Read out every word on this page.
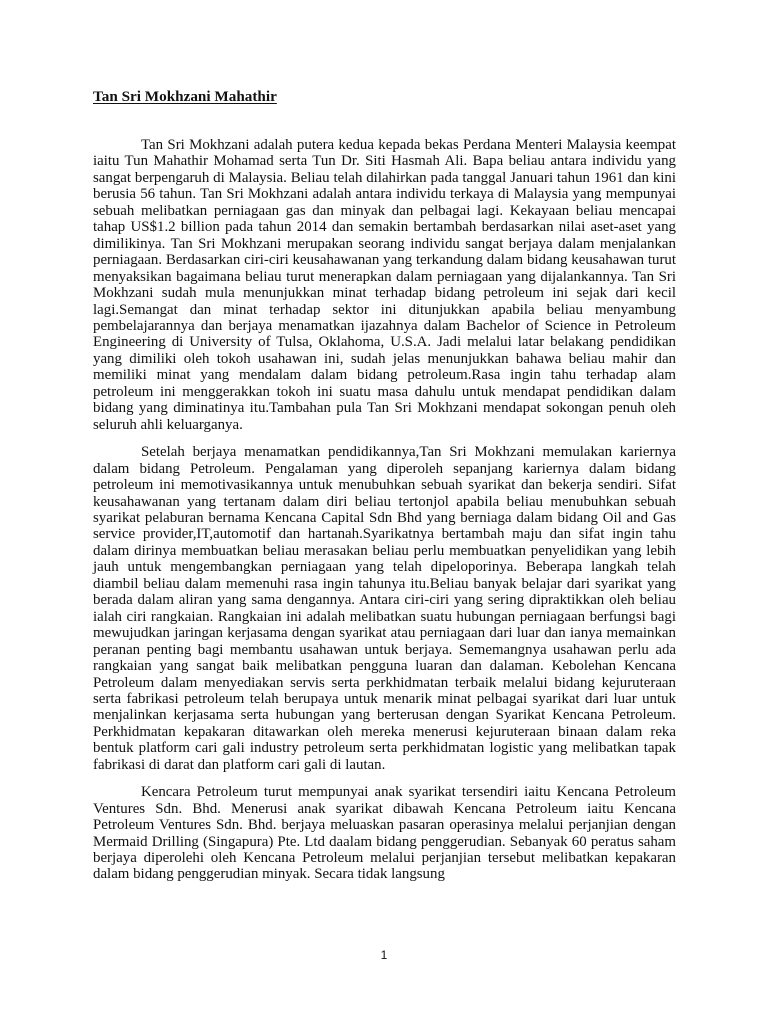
Tan Sri Mokhzani Mahathir

Tan Sri Mokhzani adalah putera kedua kepada bekas Perdana Menteri Malaysia keempat iaitu Tun Mahathir Mohamad serta Tun Dr. Siti Hasmah Ali. Bapa beliau antara individu yang sangat berpengaruh di Malaysia. Beliau telah dilahirkan pada tanggal Januari tahun 1961 dan kini berusia 56 tahun. Tan Sri Mokhzani adalah antara individu terkaya di Malaysia yang mempunyai sebuah melibatkan perniagaan gas dan minyak dan pelbagai lagi. Kekayaan beliau mencapai tahap US$1.2 billion pada tahun 2014 dan semakin bertambah berdasarkan nilai aset-aset yang dimilikinya. Tan Sri Mokhzani merupakan seorang individu sangat berjaya dalam menjalankan perniagaan. Berdasarkan ciri-ciri keusahawanan yang terkandung dalam bidang keusahawan turut menyaksikan bagaimana beliau turut menerapkan dalam perniagaan yang dijalankannya. Tan Sri Mokhzani sudah mula menunjukkan minat terhadap bidang petroleum ini sejak dari kecil lagi.Semangat dan minat terhadap sektor ini ditunjukkan apabila beliau menyambung pembelajarannya dan berjaya menamatkan ijazahnya dalam Bachelor of Science in Petroleum Engineering di University of Tulsa, Oklahoma, U.S.A. Jadi melalui latar belakang pendidikan yang dimiliki oleh tokoh usahawan ini, sudah jelas menunjukkan bahawa beliau mahir dan memiliki minat yang mendalam dalam bidang petroleum.Rasa ingin tahu terhadap alam petroleum ini menggerakkan tokoh ini suatu masa dahulu untuk mendapat pendidikan dalam bidang yang diminatinya itu.Tambahan pula Tan Sri Mokhzani mendapat sokongan penuh oleh seluruh ahli keluarganya.

Setelah berjaya menamatkan pendidikannya,Tan Sri Mokhzani memulakan kariernya dalam bidang Petroleum. Pengalaman yang diperoleh sepanjang kariernya dalam bidang petroleum ini memotivasikannya untuk menubuhkan sebuah syarikat dan bekerja sendiri. Sifat keusahawanan yang tertanam dalam diri beliau tertonjol apabila beliau menubuhkan sebuah syarikat pelaburan bernama Kencana Capital Sdn Bhd yang berniaga dalam bidang Oil and Gas service provider,IT,automotif dan hartanah.Syarikatnya bertambah maju dan sifat ingin tahu dalam dirinya membuatkan beliau merasakan beliau perlu membuatkan penyelidikan yang lebih jauh untuk mengembangkan perniagaan yang telah dipeloporinya. Beberapa langkah telah diambil beliau dalam memenuhi rasa ingin tahunya itu.Beliau banyak belajar dari syarikat yang berada dalam aliran yang sama dengannya. Antara ciri-ciri yang sering dipraktikkan oleh beliau ialah ciri rangkaian. Rangkaian ini adalah melibatkan suatu hubungan perniagaan berfungsi bagi mewujudkan jaringan kerjasama dengan syarikat atau perniagaan dari luar dan ianya memainkan peranan penting bagi membantu usahawan untuk berjaya. Sememangnya usahawan perlu ada rangkaian yang sangat baik melibatkan pengguna luaran dan dalaman. Kebolehan Kencana Petroleum dalam menyediakan servis serta perkhidmatan terbaik melalui bidang kejuruteraan serta fabrikasi petroleum telah berupaya untuk menarik minat pelbagai syarikat dari luar untuk menjalinkan kerjasama serta hubungan yang berterusan dengan Syarikat Kencana Petroleum. Perkhidmatan kepakaran ditawarkan oleh mereka menerusi kejuruteraan binaan dalam reka bentuk platform cari gali industry petroleum serta perkhidmatan logistic yang melibatkan tapak fabrikasi di darat dan platform cari gali di lautan.

Kencara Petroleum turut mempunyai anak syarikat tersendiri iaitu Kencana Petroleum Ventures Sdn. Bhd. Menerusi anak syarikat dibawah Kencana Petroleum iaitu Kencana Petroleum Ventures Sdn. Bhd. berjaya meluaskan pasaran operasinya melalui perjanjian dengan Mermaid Drilling (Singapura) Pte. Ltd daalam bidang penggerudian. Sebanyak 60 peratus saham berjaya diperolehi oleh Kencana Petroleum melalui perjanjian tersebut melibatkan kepakaran dalam bidang penggerudian minyak. Secara tidak langsung

1
